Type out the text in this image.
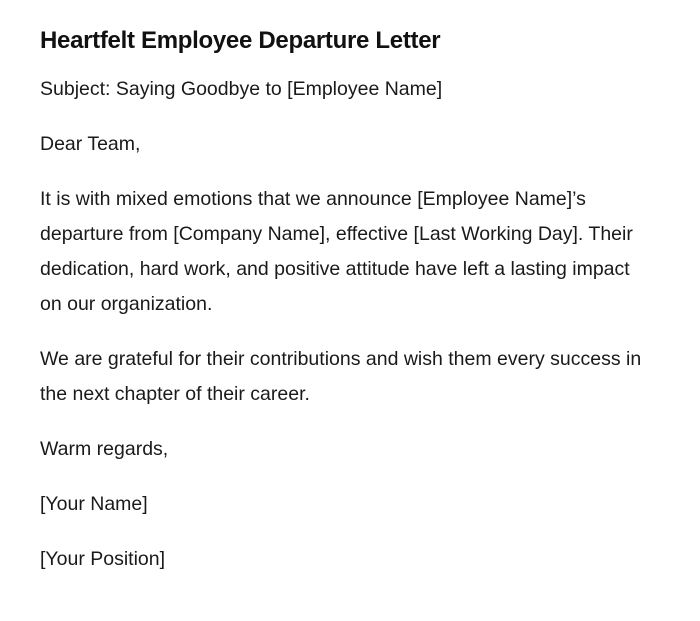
Heartfelt Employee Departure Letter

Subject: Saying Goodbye to [Employee Name]

Dear Team,

It is with mixed emotions that we announce [Employee Name]’s departure from [Company Name], effective [Last Working Day]. Their dedication, hard work, and positive attitude have left a lasting impact on our organization.

We are grateful for their contributions and wish them every success in the next chapter of their career.

Warm regards,

[Your Name]

[Your Position]
